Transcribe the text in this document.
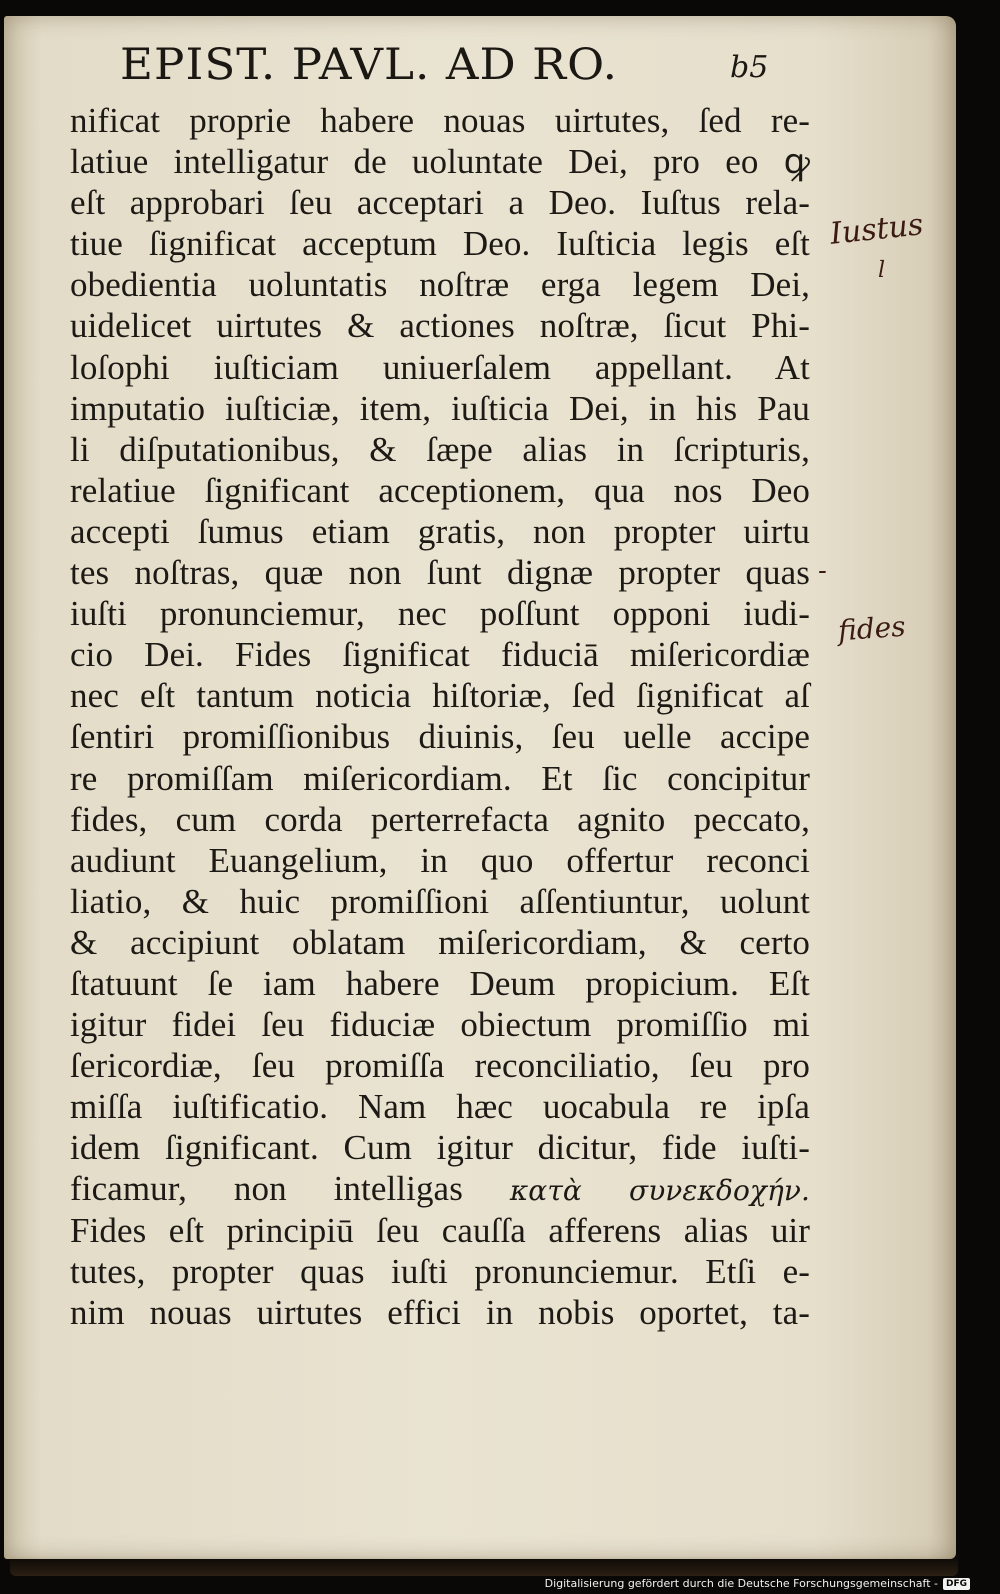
EPIST. PAVL. AD RO.	b5
nificat proprie habere nouas uirtutes, ſed re-
latiue intelligatur de uoluntate Dei, pro eo ꝙ
eſt approbari ſeu acceptari a Deo. Iuſtus rela-
tiue ſignificat acceptum Deo. Iuſticia legis eſt
obedientia uoluntatis noſtræ erga legem Dei,
uidelicet uirtutes & actiones noſtræ, ſicut Phi-
loſophi iuſticiam uniuerſalem appellant. At
imputatio iuſticiæ, item, iuſticia Dei, in his Pau
li diſputationibus, & ſæpe alias in ſcripturis,
relatiue ſignificant acceptionem, qua nos Deo
accepti ſumus etiam gratis, non propter uirtu
tes noſtras, quæ non ſunt dignæ propter quas
iuſti pronunciemur, nec poſſunt opponi iudi-
cio Dei. Fides ſignificat fiduciā miſericordiæ
nec eſt tantum noticia hiſtoriæ, ſed ſignificat aſ
ſentiri promiſſionibus diuinis, ſeu uelle accipe
re promiſſam miſericordiam. Et ſic concipitur
fides, cum corda perterrefacta agnito peccato,
audiunt Euangelium, in quo offertur reconci
liatio, & huic promiſſioni aſſentiuntur, uolunt
& accipiunt oblatam miſericordiam, & certo
ſtatuunt ſe iam habere Deum propicium. Eſt
igitur fidei ſeu fiduciæ obiectum promiſſio mi
ſericordiæ, ſeu promiſſa reconciliatio, ſeu pro
miſſa iuſtificatio. Nam hæc uocabula re ipſa
idem ſignificant. Cum igitur dicitur, fide iuſti-
ficamur, non intelligas κατὰ συνεκδοχήν.
Fides eſt principiū ſeu cauſſa afferens alias uir
tutes, propter quas iuſti pronunciemur. Etſi e-
nim nouas uirtutes effici in nobis oportet, ta-
Iustus
l
-
fides
Digitalisierung gefördert durch die Deutsche Forschungsgemeinschaft - DFG
